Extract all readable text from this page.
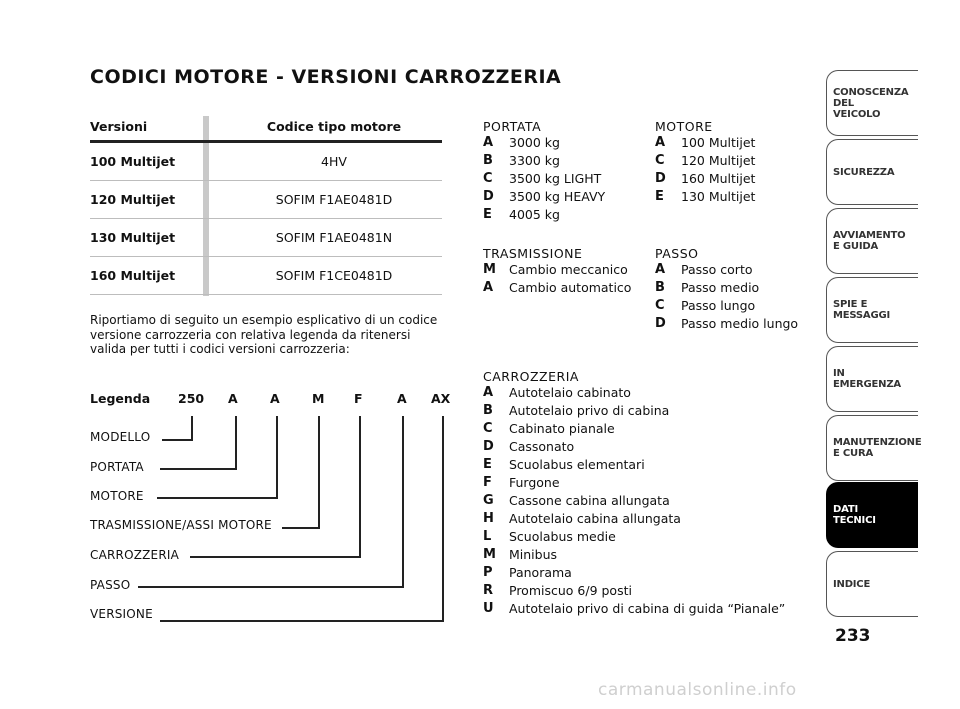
CODICI MOTORE - VERSIONI CARROZZERIA
Versioni	Codice tipo motore
100 Multijet	4HV
120 Multijet	SOFIM F1AE0481D
130 Multijet	SOFIM F1AE0481N
160 Multijet	SOFIM F1CE0481D
Riportiamo di seguito un esempio esplicativo di un codice versione carrozzeria con relativa legenda da ritenersi valida per tutti i codici versioni carrozzeria:
Legenda 250 A	A	M F	A AX
MODELLO
PORTATA
MOTORE
TRASMISSIONE/ASSI MOTORE
CARROZZERIA
PASSO
VERSIONE
PORTATA
A	3000 kg
B	3300 kg
C	3500 kg LIGHT
D	3500 kg HEAVY
E	4005 kg
MOTORE
A	100 Multijet
C	120 Multijet
D	160 Multijet
E	130 Multijet
TRASMISSIONE
M	Cambio meccanico
A	Cambio automatico
PASSO
A	Passo corto
B	Passo medio
C	Passo lungo
D	Passo medio lungo
CARROZZERIA
A	Autotelaio cabinato
B	Autotelaio privo di cabina
C	Cabinato pianale
D	Cassonato
E	Scuolabus elementari
F	Furgone
G	Cassone cabina allungata
H	Autotelaio cabina allungata
L	Scuolabus medie
M	Minibus
P	Panorama
R	Promiscuo 6/9 posti
U	Autotelaio privo di cabina di guida “Pianale”
CONOSCENZA DEL VEICOLO
SICUREZZA
AVVIAMENTO E GUIDA
SPIE E MESSAGGI
IN EMERGENZA
MANUTENZIONE E CURA
DATI TECNICI
INDICE
233
carmanualsonline.info
